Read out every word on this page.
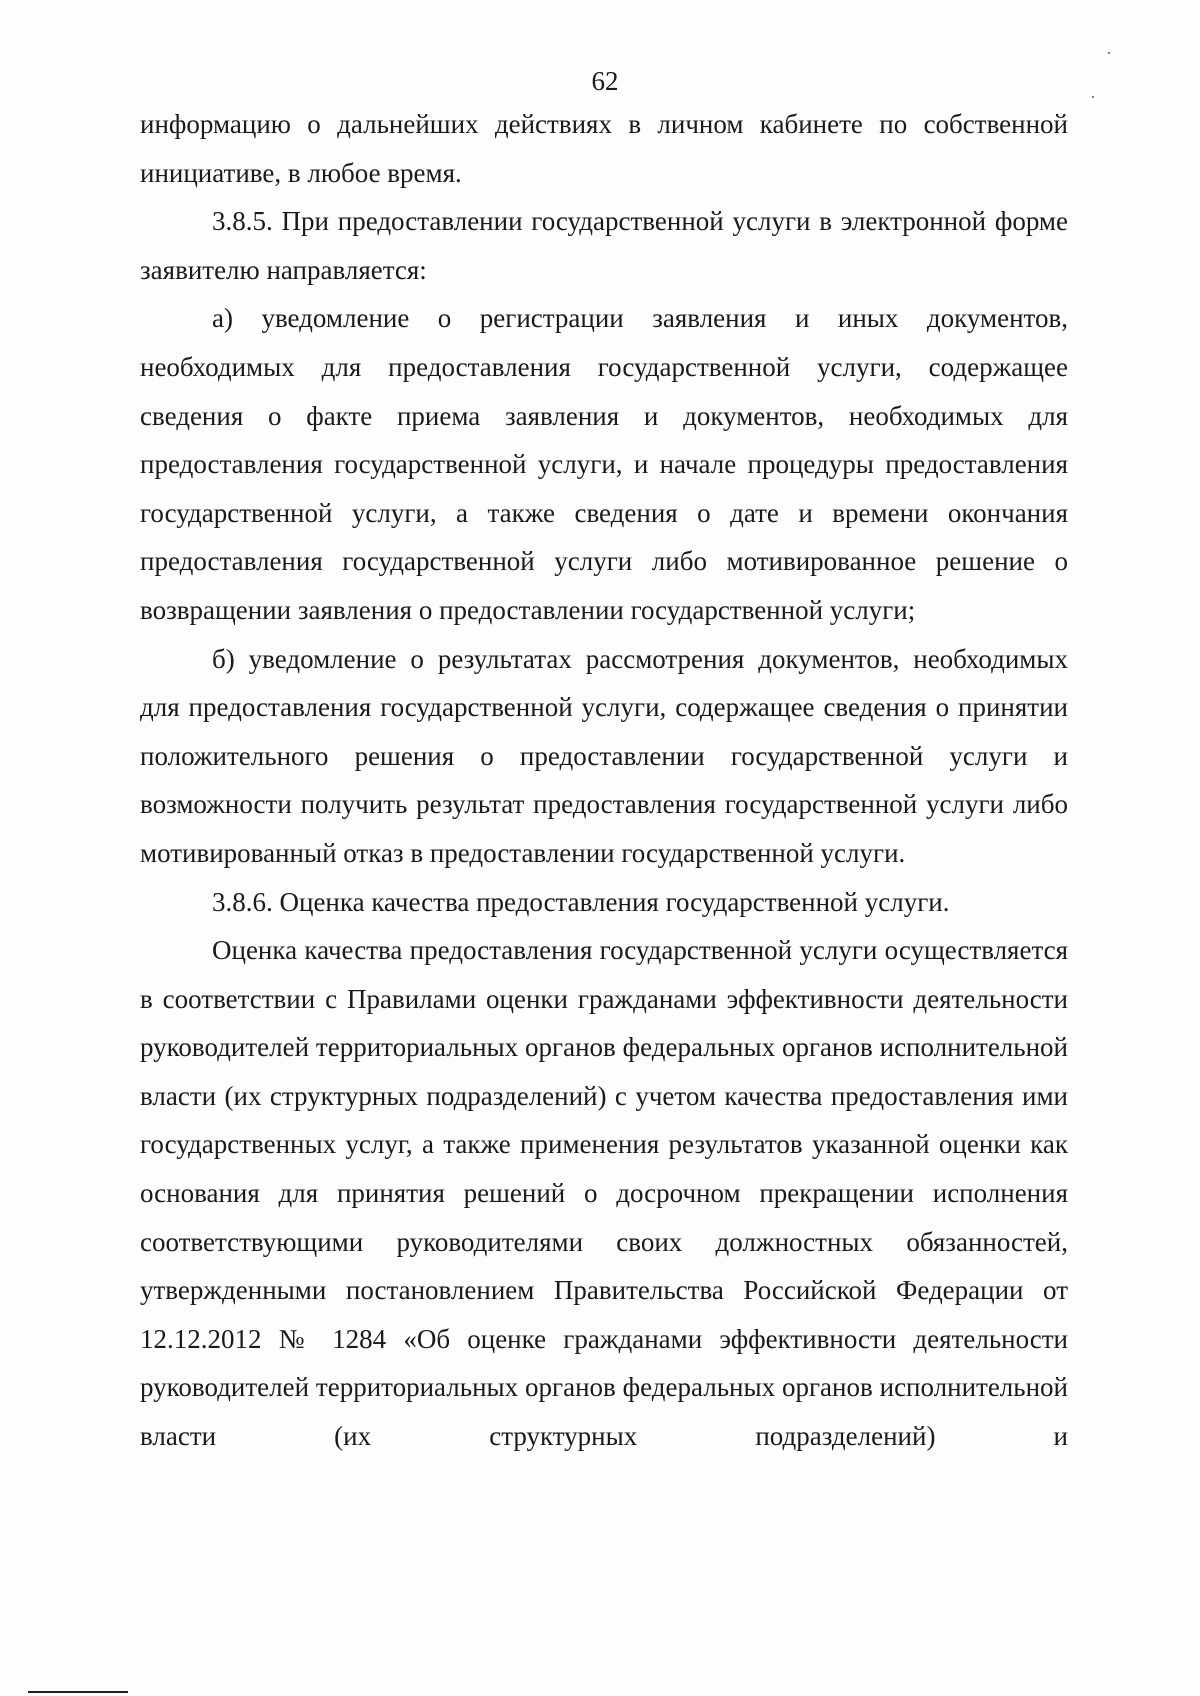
62

информацию о дальнейших действиях в личном кабинете по собственной инициативе, в любое время.

3.8.5. При предоставлении государственной услуги в электронной форме заявителю направляется:

а) уведомление о регистрации заявления и иных документов, необходимых для предоставления государственной услуги, содержащее сведения о факте приема заявления и документов, необходимых для предоставления государственной услуги, и начале процедуры предоставления государственной услуги, а также сведения о дате и времени окончания предоставления государственной услуги либо мотивированное решение о возвращении заявления о предоставлении государственной услуги;

б) уведомление о результатах рассмотрения документов, необходимых для предоставления государственной услуги, содержащее сведения о принятии положительного решения о предоставлении государственной услуги и возможности получить результат предоставления государственной услуги либо мотивированный отказ в предоставлении государственной услуги.

3.8.6. Оценка качества предоставления государственной услуги.

Оценка качества предоставления государственной услуги осуществляется в соответствии с Правилами оценки гражданами эффективности деятельности руководителей территориальных органов федеральных органов исполнительной власти (их структурных подразделений) с учетом качества предоставления ими государственных услуг, а также применения результатов указанной оценки как основания для принятия решений о досрочном прекращении исполнения соответствующими руководителями своих должностных обязанностей, утвержденными постановлением Правительства Российской Федерации от 12.12.2012 № 1284 «Об оценке гражданами эффективности деятельности руководителей территориальных органов федеральных органов исполнительной власти (их структурных подразделений) и
